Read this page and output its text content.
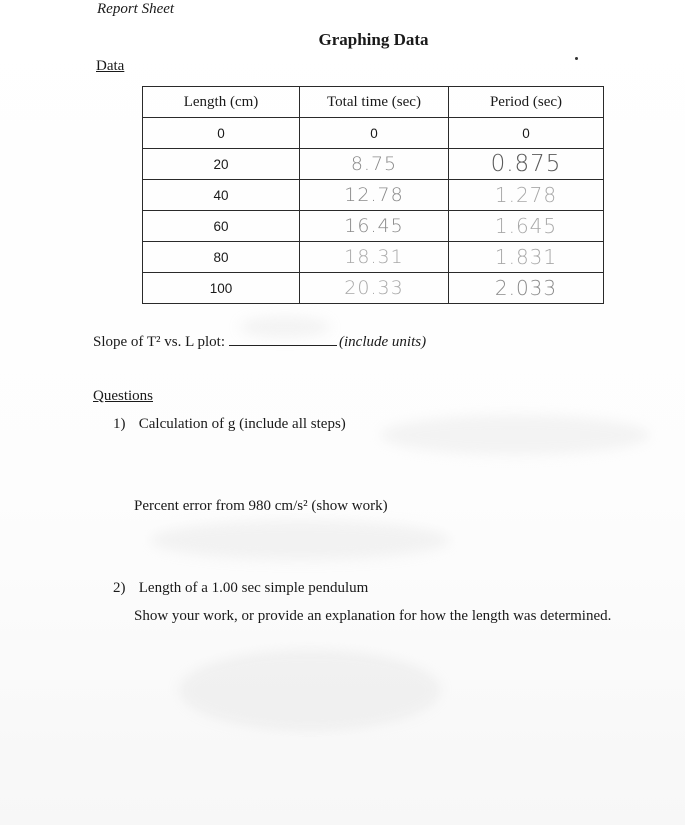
Report Sheet
Graphing Data
Data
Length (cm)	Total time (sec)	Period (sec)
0	0	0
20	8.75	0.875
40	12.78	1.278
60	16.45	1.645
80	18.31	1.831
100	20.33	2.033
Slope of T² vs. L plot:	(include units)
Questions
1) Calculation of g (include all steps)
Percent error from 980 cm/s² (show work)
2) Length of a 1.00 sec simple pendulum
Show your work, or provide an explanation for how the length was determined.
